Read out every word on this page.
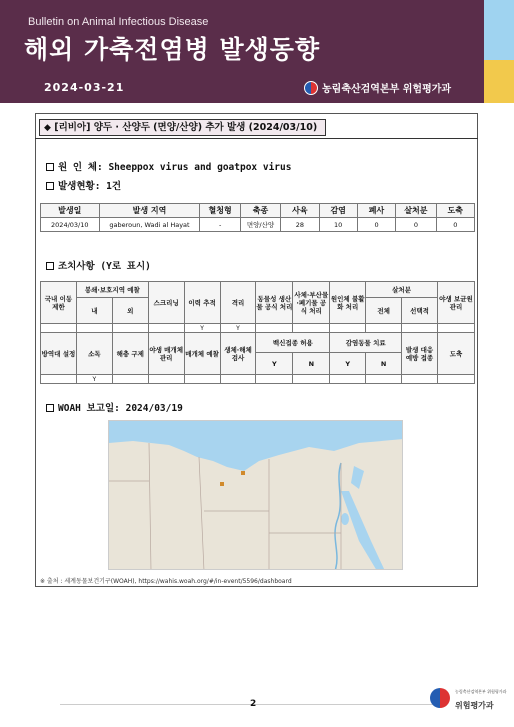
Bulletin on Animal Infectious Disease
해외 가축전염병 발생동향
2024-03-21	농림축산검역본부 위험평가과
◆ [리비아] 양두 · 산양두 (면양/산양) 추가 발생 (2024/03/10)
원 인 체: Sheeppox virus and goatpox virus
발생현황: 1건
발생일	발생 지역	혈청형	축종	사육	감염	폐사	살처분	도축
2024/03/10	gaberoun, Wadi al Hayat	-	면양/산양	28	10	0	0	0
조치사항 (Y로 표시)
국내 이동 제한	봉쇄·보호지역 예찰		스크리닝	이력 추적	격리	동물성 생산물 공식 처리	사체·부산물·폐기물 공식 처리	원인체 불활화 처리	살처분		야생 보균원 관리
	내	외							전체	선택적	
				Y	Y						
방역대 설정	소독	해충 구제	야생 매개체 관리	매개체 예찰	생체·해체 검사	백신접종 허용		감염동물 치료		발생 대응 예방 접종	도축
						Y	N	Y	N		
	Y										
WOAH 보고일: 2024/03/19
※ 출처 : 세계동물보건기구(WOAH), https://wahis.woah.org/#/in-event/5596/dashboard
2
농림축산검역본부 위험평가과
위험평가과
